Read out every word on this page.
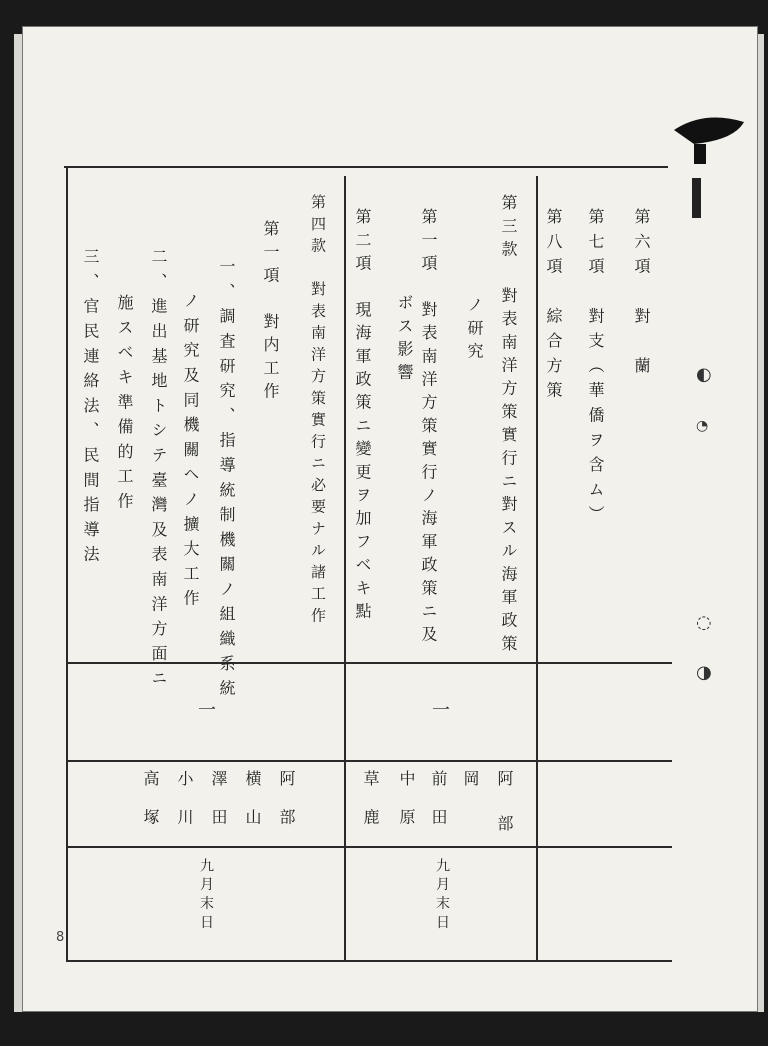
第六項　對　蘭
第七項　對支（華僑ヲ含ム）
第八項　綜合方策
第三款　對表南洋方策實行ニ對スル海軍政策
ノ研究
第一項　對表南洋方策實行ノ海軍政策ニ及
ボス影響
第二項　現海軍政策ニ變更ヲ加フベキ點
第四款　對表南洋方策實行ニ必要ナル諸工作
第一項　對内工作
一、調査研究、指導統制機關ノ組織系統
ノ研究及同機關ヘノ擴大工作
二、進出基地トシテ臺灣及表南洋方面ニ
施スベキ準備的工作
三、官民連絡法、民間指導法
一
一
阿部
岡
前田
中原
草鹿
阿部
横山
澤田
小川
高塚
九月末日
九月末日
◐
◔
◌
◑
8
